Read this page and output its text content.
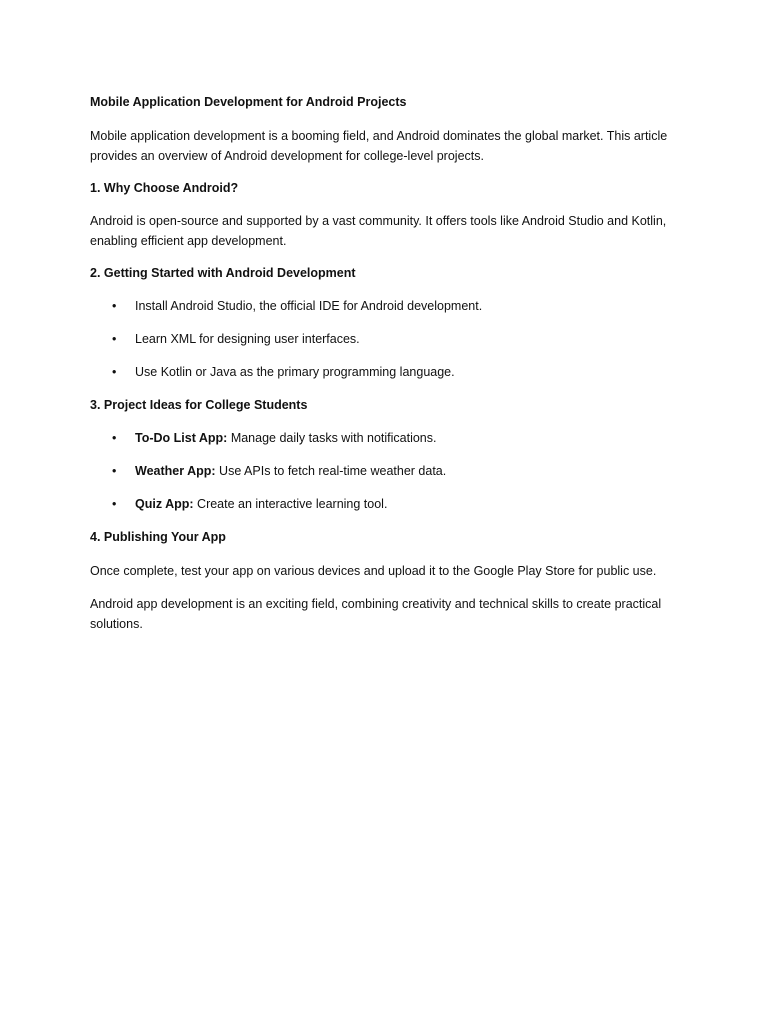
Mobile Application Development for Android Projects

Mobile application development is a booming field, and Android dominates the global market. This article provides an overview of Android development for college-level projects.

1. Why Choose Android?

Android is open-source and supported by a vast community. It offers tools like Android Studio and Kotlin, enabling efficient app development.

2. Getting Started with Android Development

• Install Android Studio, the official IDE for Android development.
• Learn XML for designing user interfaces.
• Use Kotlin or Java as the primary programming language.

3. Project Ideas for College Students

• To-Do List App: Manage daily tasks with notifications.
• Weather App: Use APIs to fetch real-time weather data.
• Quiz App: Create an interactive learning tool.

4. Publishing Your App

Once complete, test your app on various devices and upload it to the Google Play Store for public use.

Android app development is an exciting field, combining creativity and technical skills to create practical solutions.
